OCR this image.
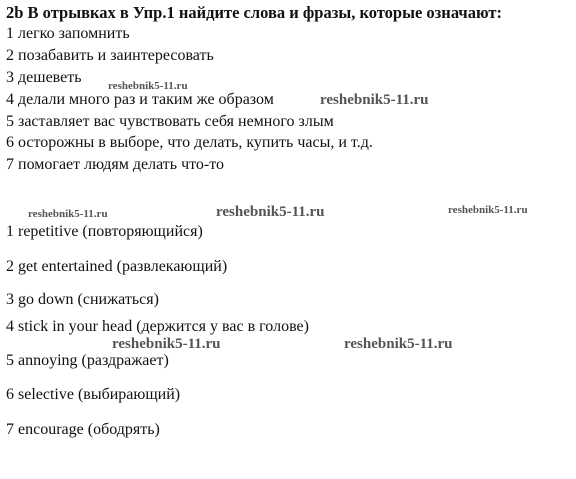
2b В отрывках в Упр.1 найдите слова и фразы, которые означают:
1 легко запомнить
2 позабавить и заинтересовать
3 дешеветь
4 делали много раз и таким же образом
5 заставляет вас чувствовать себя немного злым
6 осторожны в выборе, что делать, купить часы, и т.д.
7 помогает людям делать что-то
1 repetitive (повторяющийся)
2 get entertained (развлекающий)
3 go down (снижаться)
4 stick in your head (держится у вас в голове)
5 annoying (раздражает)
6 selective (выбирающий)
7 encourage (ободрять)
reshebnik5-11.ru
reshebnik5-11.ru
reshebnik5-11.ru	reshebnik5-11.ru	reshebnik5-11.ru
reshebnik5-11.ru	reshebnik5-11.ru
